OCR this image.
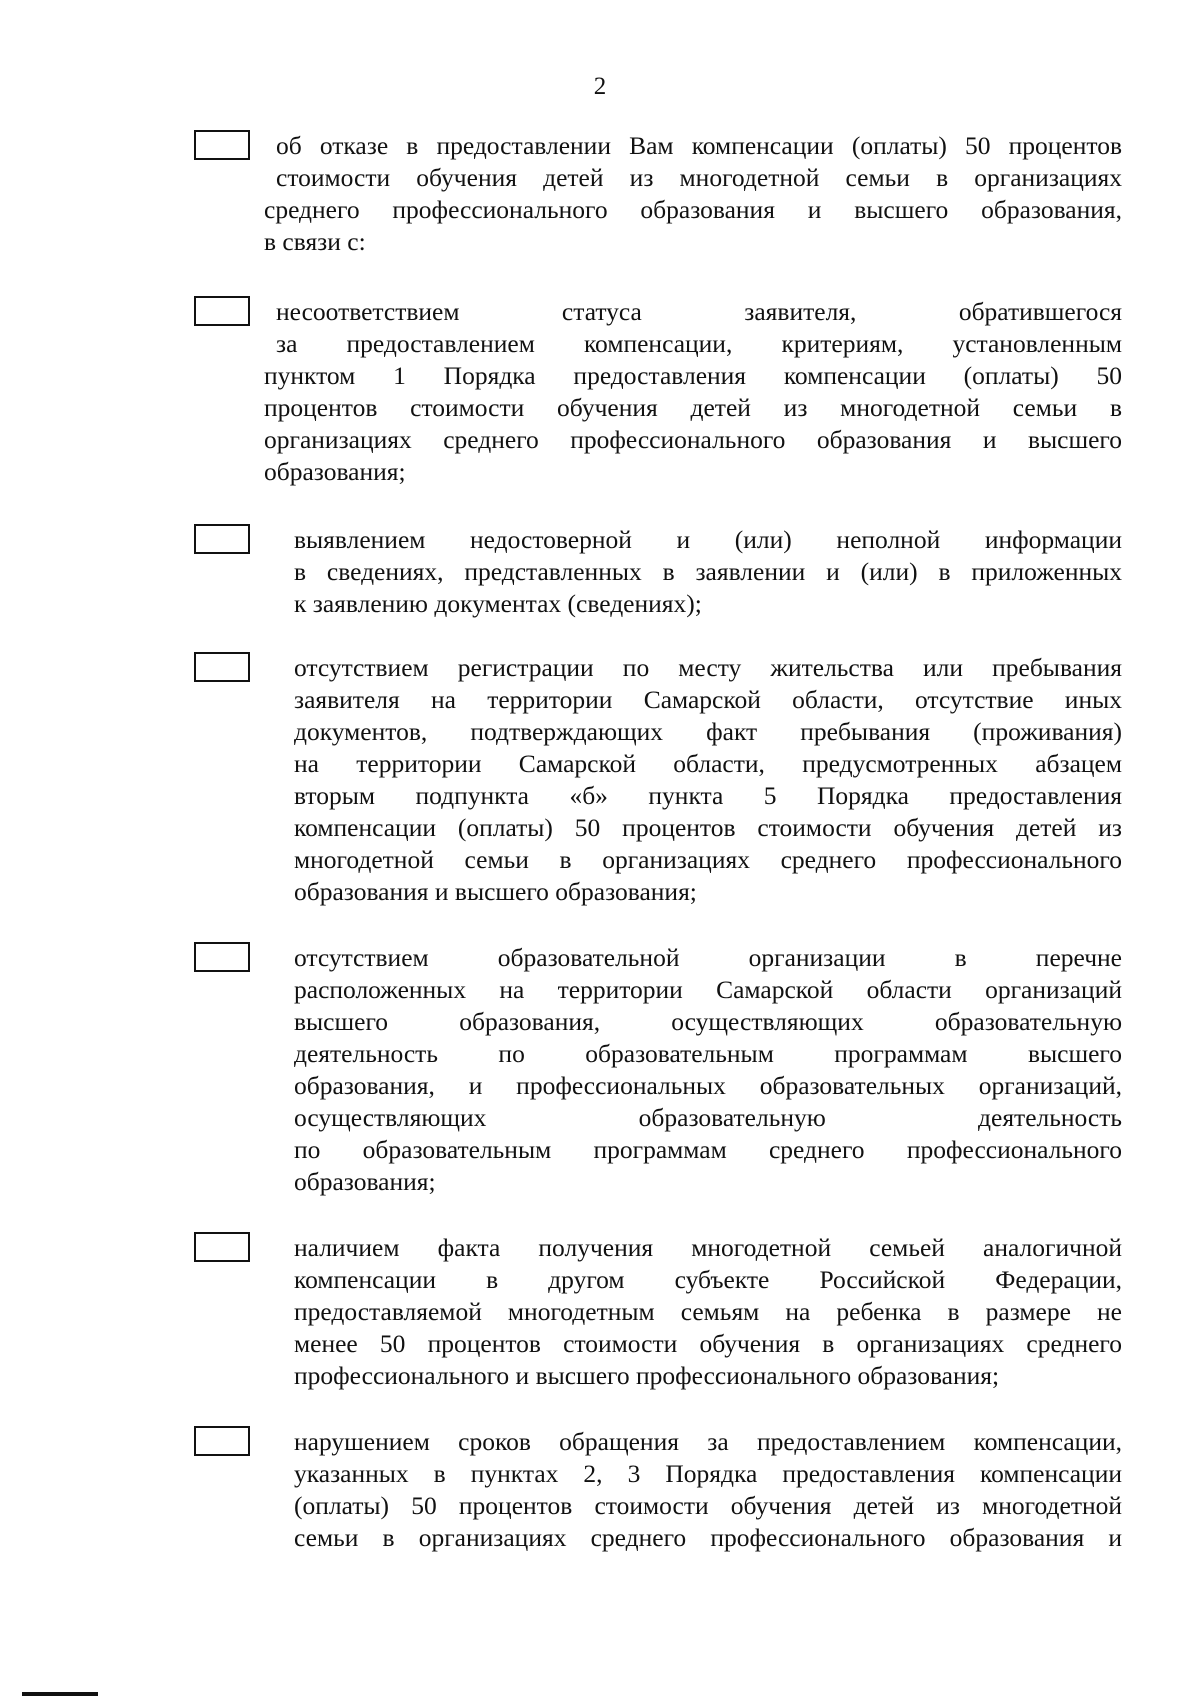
2
об отказе в предоставлении Вам компенсации (оплаты) 50 процентов
стоимости обучения детей из многодетной семьи в организациях
среднего профессионального образования и высшего образования,
в связи с:
несоответствием статуса заявителя, обратившегося
за предоставлением компенсации, критериям, установленным
пунктом 1 Порядка предоставления компенсации (оплаты) 50
процентов стоимости обучения детей из многодетной семьи в
организациях среднего профессионального образования и высшего
образования;
выявлением недостоверной и (или) неполной информации
в сведениях, представленных в заявлении и (или) в приложенных
к заявлению документах (сведениях);
отсутствием регистрации по месту жительства или пребывания
заявителя на территории Самарской области, отсутствие иных
документов, подтверждающих факт пребывания (проживания)
на территории Самарской области, предусмотренных абзацем
вторым подпункта «б» пункта 5 Порядка предоставления
компенсации (оплаты) 50 процентов стоимости обучения детей из
многодетной семьи в организациях среднего профессионального
образования и высшего образования;
отсутствием образовательной организации в перечне
расположенных на территории Самарской области организаций
высшего образования, осуществляющих образовательную
деятельность по образовательным программам высшего
образования, и профессиональных образовательных организаций,
осуществляющих образовательную деятельность
по образовательным программам среднего профессионального
образования;
наличием факта получения многодетной семьей аналогичной
компенсации в другом субъекте Российской Федерации,
предоставляемой многодетным семьям на ребенка в размере не
менее 50 процентов стоимости обучения в организациях среднего
профессионального и высшего профессионального образования;
нарушением сроков обращения за предоставлением компенсации,
указанных в пунктах 2, 3 Порядка предоставления компенсации
(оплаты) 50 процентов стоимости обучения детей из многодетной
семьи в организациях среднего профессионального образования и
